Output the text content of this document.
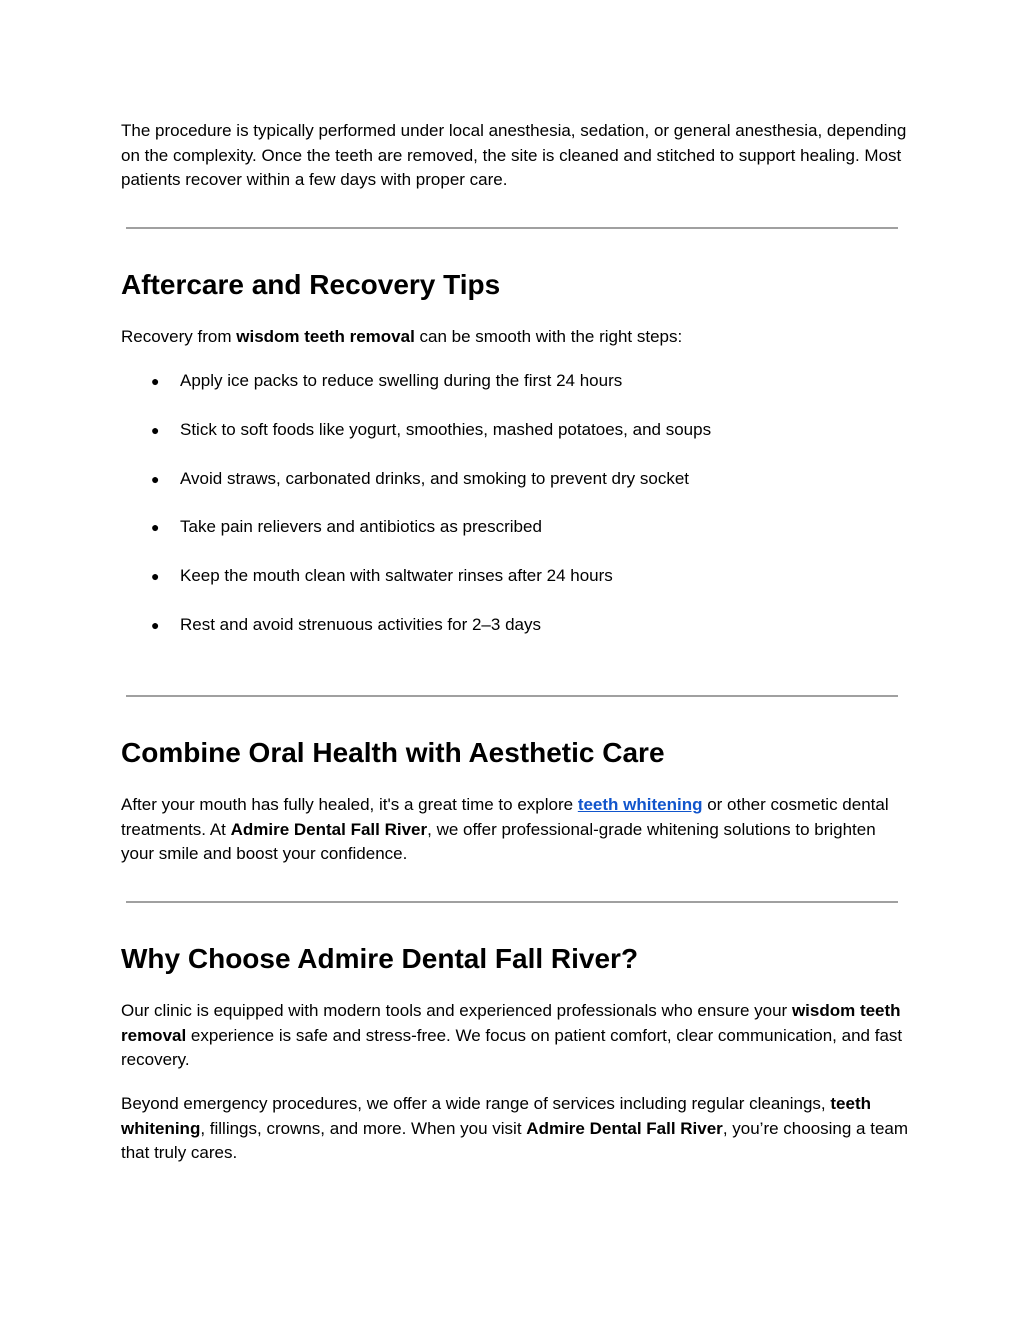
The procedure is typically performed under local anesthesia, sedation, or general anesthesia, depending on the complexity. Once the teeth are removed, the site is cleaned and stitched to support healing. Most patients recover within a few days with proper care.

Aftercare and Recovery Tips

Recovery from wisdom teeth removal can be smooth with the right steps:

● Apply ice packs to reduce swelling during the first 24 hours
● Stick to soft foods like yogurt, smoothies, mashed potatoes, and soups
● Avoid straws, carbonated drinks, and smoking to prevent dry socket
● Take pain relievers and antibiotics as prescribed
● Keep the mouth clean with saltwater rinses after 24 hours
● Rest and avoid strenuous activities for 2–3 days
Combine Oral Health with Aesthetic Care

After your mouth has fully healed, it's a great time to explore teeth whitening or other cosmetic dental treatments. At Admire Dental Fall River, we offer professional-grade whitening solutions to brighten your smile and boost your confidence.

Why Choose Admire Dental Fall River?

Our clinic is equipped with modern tools and experienced professionals who ensure your wisdom teeth removal experience is safe and stress-free. We focus on patient comfort, clear communication, and fast recovery.

Beyond emergency procedures, we offer a wide range of services including regular cleanings, teeth whitening, fillings, crowns, and more. When you visit Admire Dental Fall River, you’re choosing a team that truly cares.
